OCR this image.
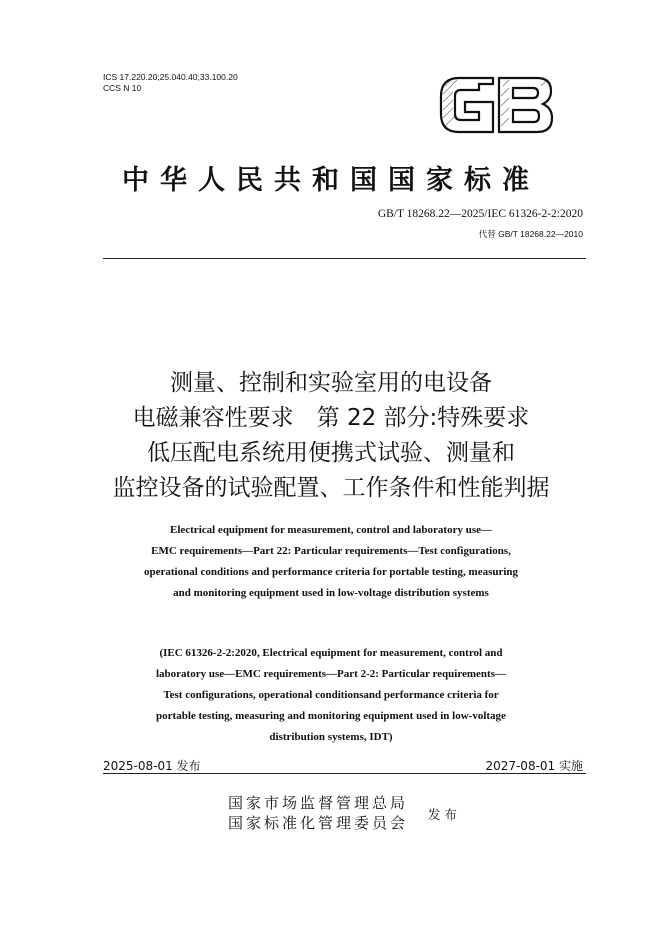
ICS 17.220.20;25.040.40;33.100.20
CCS N 10
GB
中华人民共和国国家标准
GB/T 18268.22—2025/IEC 61326-2-2:2020
代替 GB/T 18268.22—2010
测量、控制和实验室用的电设备
电磁兼容性要求　第 22 部分:特殊要求
低压配电系统用便携式试验、测量和
监控设备的试验配置、工作条件和性能判据
Electrical equipment for measurement, control and laboratory use—
EMC requirements—Part 22: Particular requirements—Test configurations,
operational conditions and performance criteria for portable testing, measuring
and monitoring equipment used in low-voltage distribution systems
(IEC 61326-2-2:2020, Electrical equipment for measurement, control and
laboratory use—EMC requirements—Part 2-2: Particular requirements—
Test configurations, operational conditionsand performance criteria for
portable testing, measuring and monitoring equipment used in low-voltage
distribution systems, IDT)
2025-08-01 发布	2027-08-01 实施
国家市场监督管理总局
国家标准化管理委员会 发布
